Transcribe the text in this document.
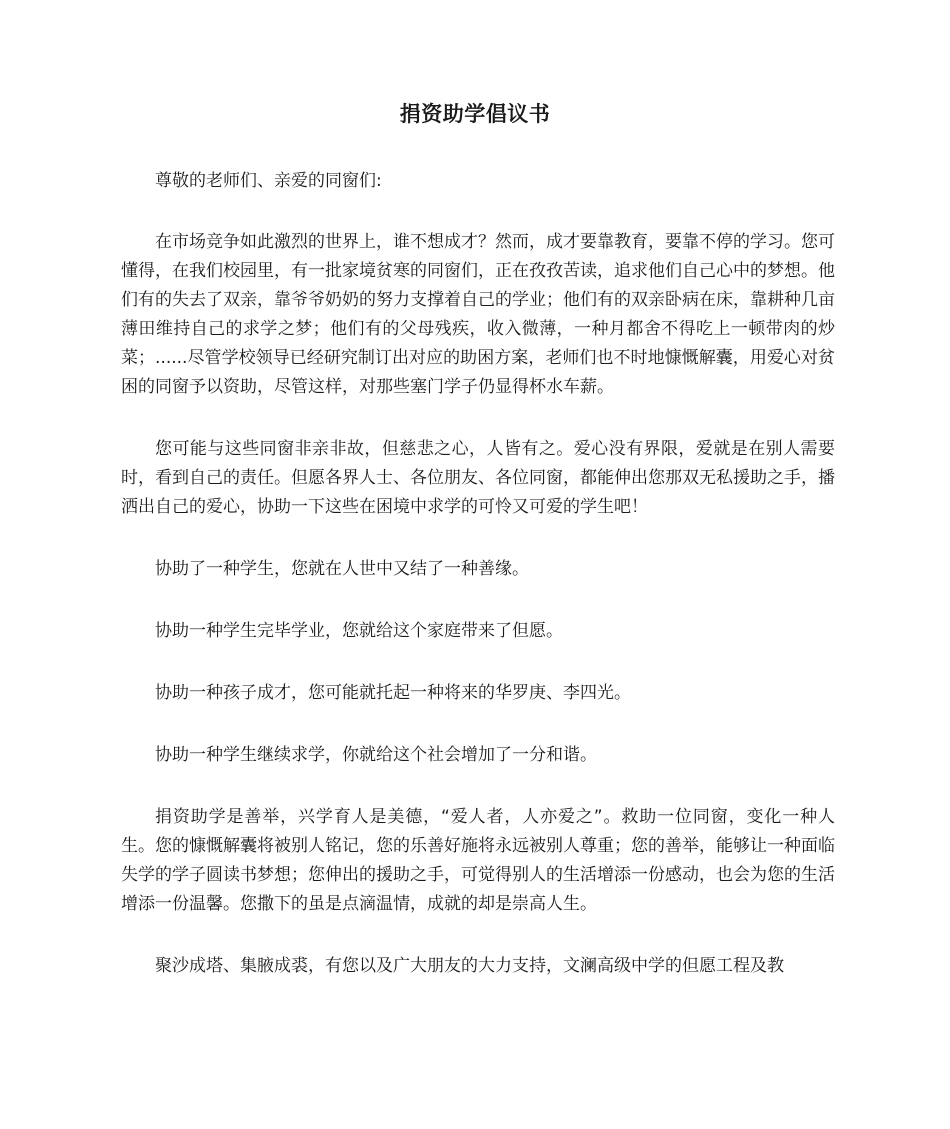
捐资助学倡议书

尊敬的老师们、亲爱的同窗们:

在市场竞争如此激烈的世界上，谁不想成才？然而，成才要靠教育，要靠不停的学习。您可懂得，在我们校园里，有一批家境贫寒的同窗们，正在孜孜苦读，追求他们自己心中的梦想。他们有的失去了双亲，靠爷爷奶奶的努力支撑着自己的学业；他们有的双亲卧病在床，靠耕种几亩薄田维持自己的求学之梦；他们有的父母残疾，收入微薄，一种月都舍不得吃上一顿带肉的炒菜；......尽管学校领导已经研究制订出对应的助困方案，老师们也不时地慷慨解囊，用爱心对贫困的同窗予以资助，尽管这样，对那些塞门学子仍显得杯水车薪。

您可能与这些同窗非亲非故，但慈悲之心，人皆有之。爱心没有界限，爱就是在别人需要时，看到自己的责任。但愿各界人士、各位朋友、各位同窗，都能伸出您那双无私援助之手，播洒出自己的爱心，协助一下这些在困境中求学的可怜又可爱的学生吧！

协助了一种学生，您就在人世中又结了一种善缘。

协助一种学生完毕学业，您就给这个家庭带来了但愿。

协助一种孩子成才，您可能就托起一种将来的华罗庚、李四光。

协助一种学生继续求学，你就给这个社会增加了一分和谐。

捐资助学是善举，兴学育人是美德，“爱人者，人亦爱之”。救助一位同窗，变化一种人生。您的慷慨解囊将被别人铭记，您的乐善好施将永远被别人尊重；您的善举，能够让一种面临失学的学子圆读书梦想；您伸出的援助之手，可觉得别人的生活增添一份感动，也会为您的生活增添一份温馨。您撒下的虽是点滴温情，成就的却是崇高人生。

聚沙成塔、集腋成裘，有您以及广大朋友的大力支持，文澜高级中学的但愿工程及教
